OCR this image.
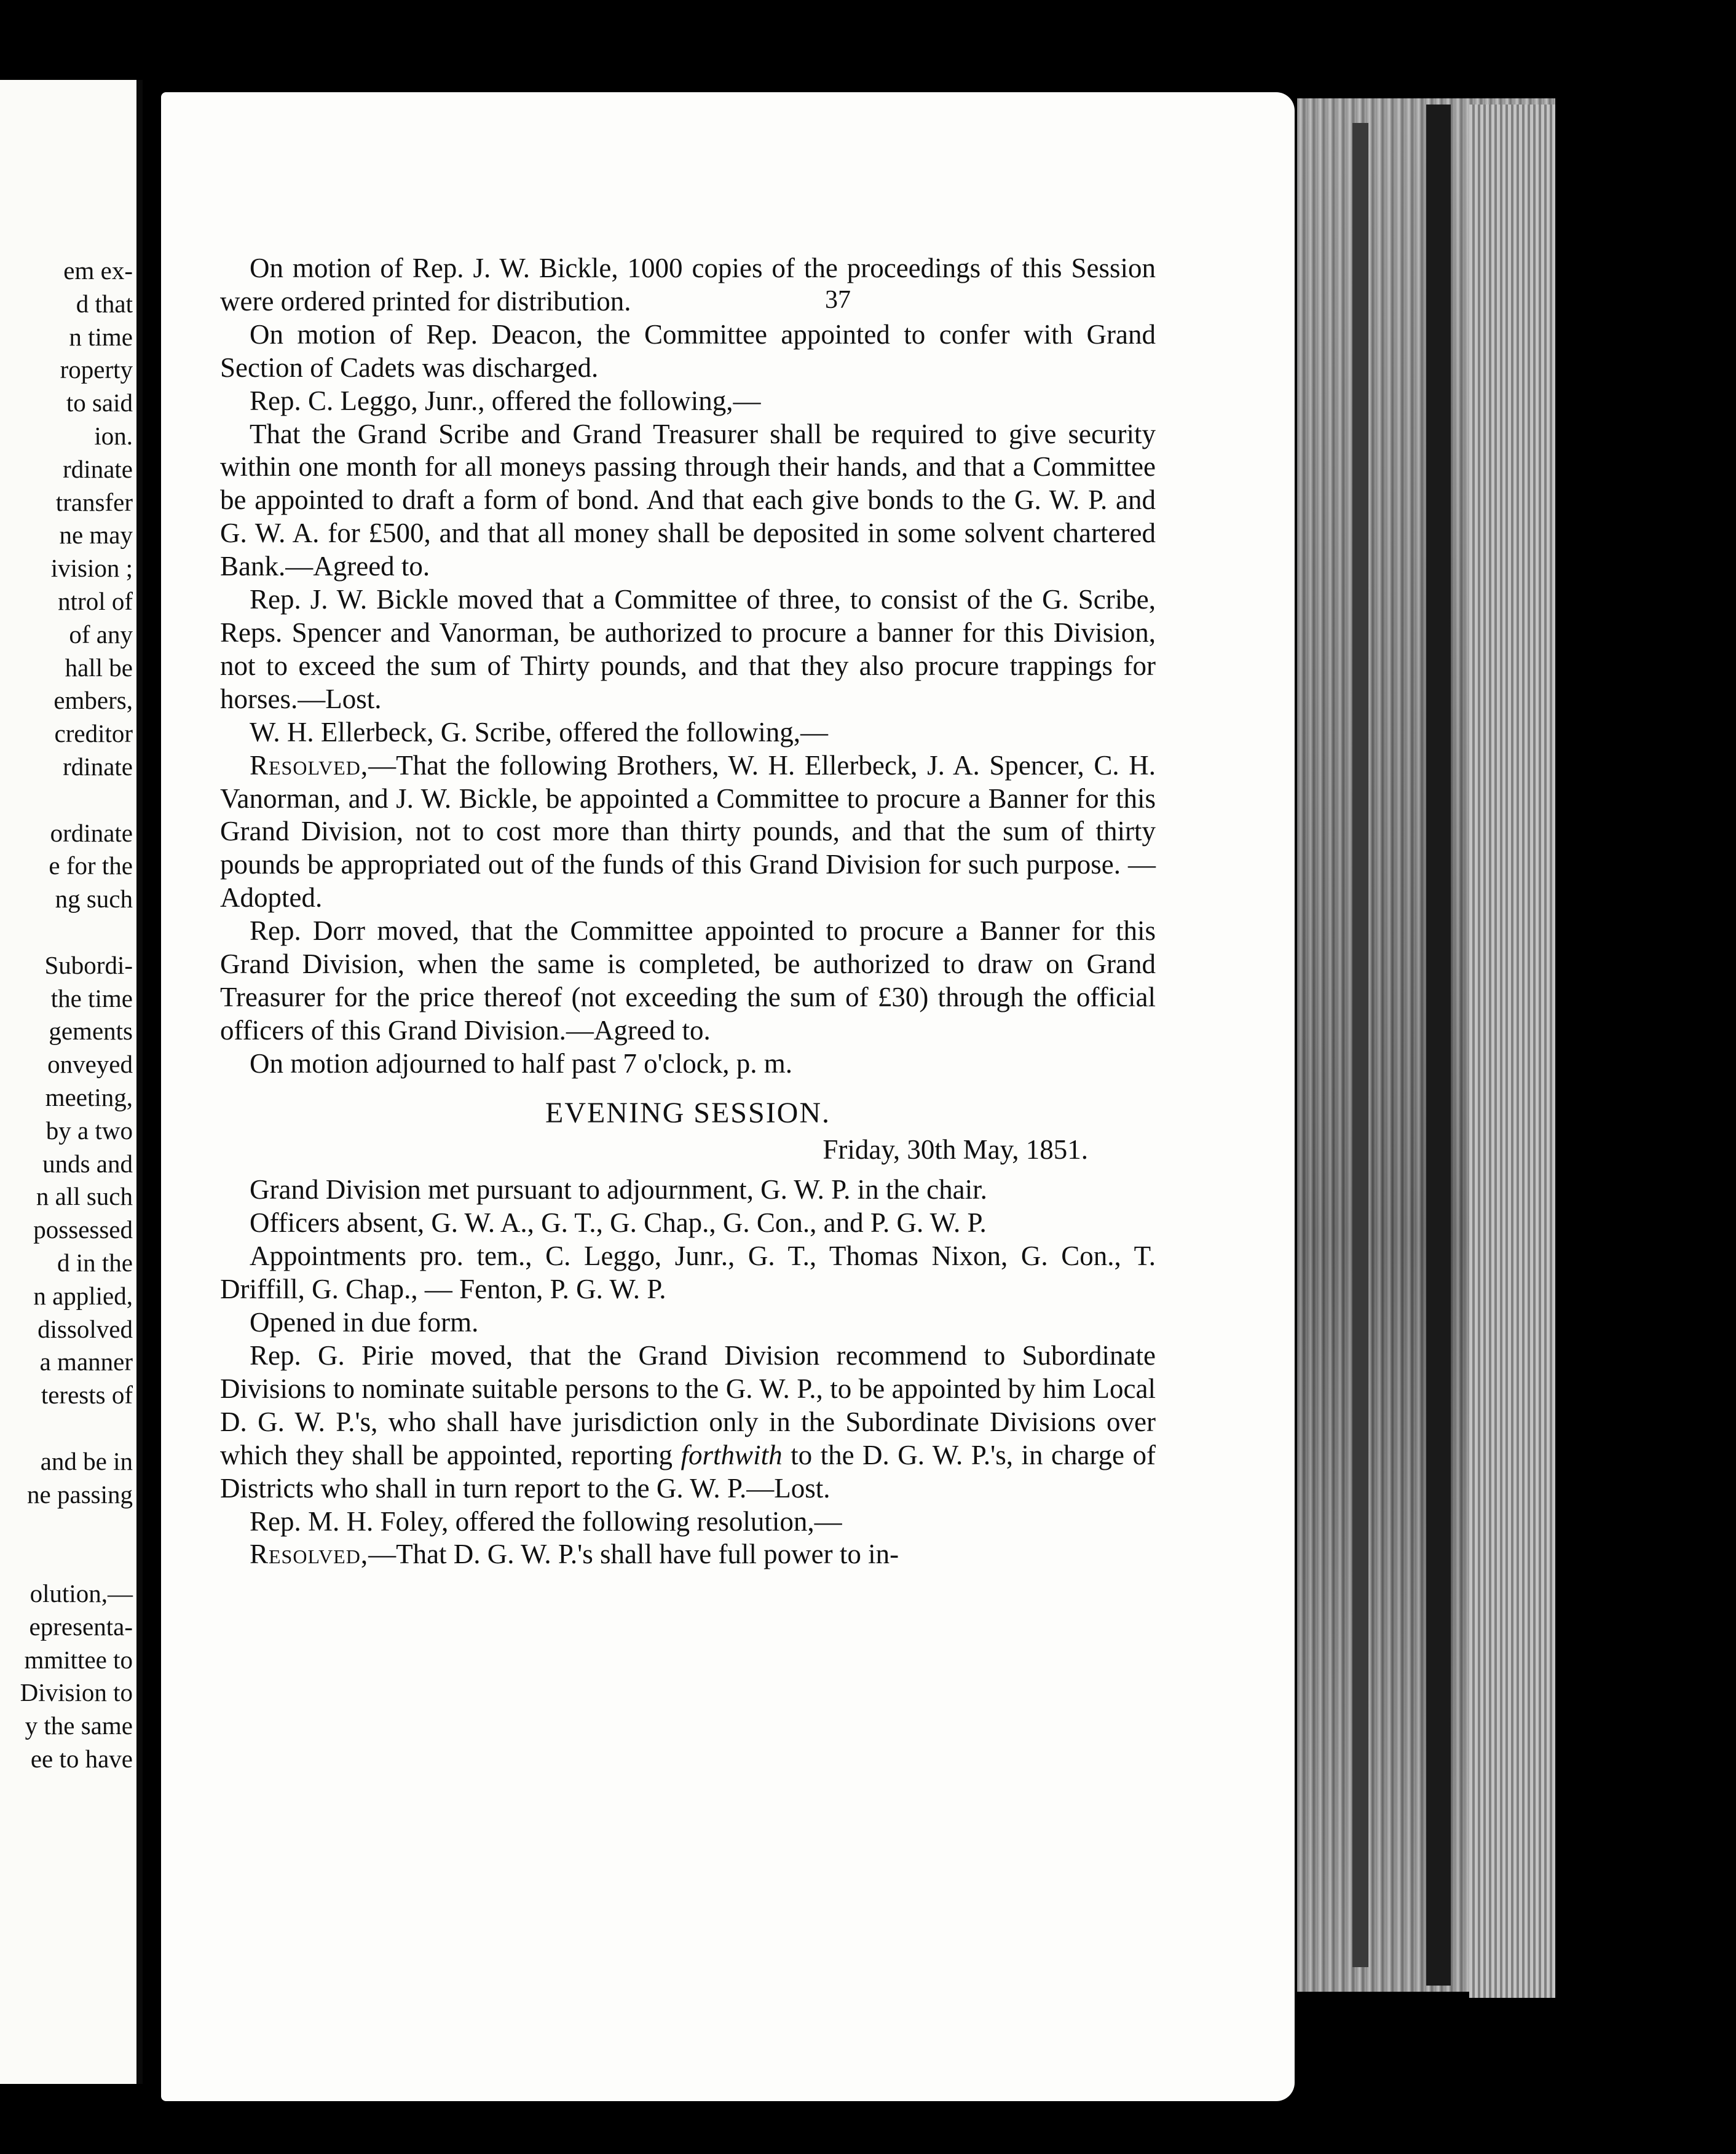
em ex-
d that
n time
roperty
to said
ion.
rdinate
transfer
ne may
ivision ;
ntrol of
of any
hall be
embers,
creditor
rdinate
ordinate
e for the
ng such
Subordi-
the time
gements
onveyed
meeting,
by a two
unds and
n all such
possessed
d in the
n applied,
dissolved
a manner
terests of
and be in
ne passing
olution,—
epresenta-
mmittee to
Division to
y the same
ee to have
37

On motion of Rep. J. W. Bickle, 1000 copies of the proceedings of this Session were ordered printed for distribution.

On motion of Rep. Deacon, the Committee appointed to confer with Grand Section of Cadets was discharged.

Rep. C. Leggo, Junr., offered the following,—

That the Grand Scribe and Grand Treasurer shall be required to give security within one month for all moneys passing through their hands, and that a Committee be appointed to draft a form of bond. And that each give bonds to the G. W. P. and G. W. A. for £500, and that all money shall be deposited in some solvent chartered Bank.—Agreed to.

Rep. J. W. Bickle moved that a Committee of three, to consist of the G. Scribe, Reps. Spencer and Vanorman, be authorized to procure a banner for this Division, not to exceed the sum of Thirty pounds, and that they also procure trappings for horses.—Lost.

W. H. Ellerbeck, G. Scribe, offered the following,—

Resolved,—That the following Brothers, W. H. Ellerbeck, J. A. Spencer, C. H. Vanorman, and J. W. Bickle, be appointed a Committee to procure a Banner for this Grand Division, not to cost more than thirty pounds, and that the sum of thirty pounds be appropriated out of the funds of this Grand Division for such purpose. —Adopted.

Rep. Dorr moved, that the Committee appointed to procure a Banner for this Grand Division, when the same is completed, be authorized to draw on Grand Treasurer for the price thereof (not exceeding the sum of £30) through the official officers of this Grand Division.—Agreed to.

On motion adjourned to half past 7 o'clock, p. m.

EVENING SESSION.

Friday, 30th May, 1851.

Grand Division met pursuant to adjournment, G. W. P. in the chair.

Officers absent, G. W. A., G. T., G. Chap., G. Con., and P. G. W. P.

Appointments pro. tem., C. Leggo, Junr., G. T., Thomas Nixon, G. Con., T. Driffill, G. Chap., — Fenton, P. G. W. P.

Opened in due form.

Rep. G. Pirie moved, that the Grand Division recommend to Subordinate Divisions to nominate suitable persons to the G. W. P., to be appointed by him Local D. G. W. P.'s, who shall have jurisdiction only in the Subordinate Divisions over which they shall be appointed, reporting forthwith to the D. G. W. P.'s, in charge of Districts who shall in turn report to the G. W. P.—Lost.

Rep. M. H. Foley, offered the following resolution,—

Resolved,—That D. G. W. P.'s shall have full power to in-
